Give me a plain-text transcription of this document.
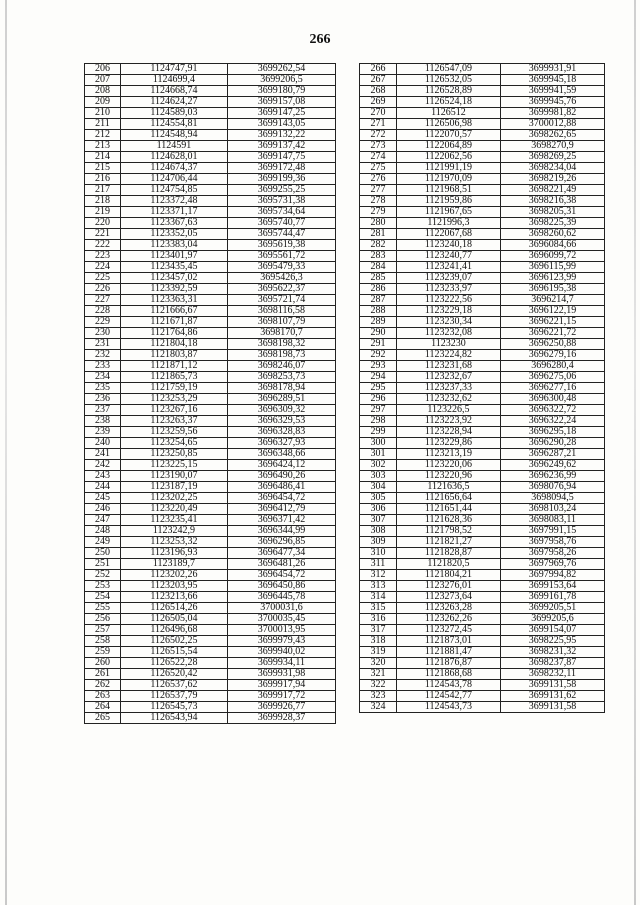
266
206	1124747,91	3699262,54
207	1124699,4	3699206,5
208	1124668,74	3699180,79
209	1124624,27	3699157,08
210	1124589,03	3699147,25
211	1124554,81	3699143,05
212	1124548,94	3699132,22
213	1124591	3699137,42
214	1124628,01	3699147,75
215	1124674,37	3699172,48
216	1124706,44	3699199,36
217	1124754,85	3699255,25
218	1123372,48	3695731,38
219	1123371,17	3695734,64
220	1123367,63	3695740,77
221	1123352,05	3695744,47
222	1123383,04	3695619,38
223	1123401,97	3695561,72
224	1123435,45	3695479,33
225	1123457,02	3695426,3
226	1123392,59	3695622,37
227	1123363,31	3695721,74
228	1121666,67	3698116,58
229	1121671,87	3698107,79
230	1121764,86	3698170,7
231	1121804,18	3698198,32
232	1121803,87	3698198,73
233	1121871,12	3698246,07
234	1121865,73	3698253,73
235	1121759,19	3698178,94
236	1123253,29	3696289,51
237	1123267,16	3696309,32
238	1123263,37	3696329,53
239	1123259,56	3696328,83
240	1123254,65	3696327,93
241	1123250,85	3696348,66
242	1123225,15	3696424,12
243	1123190,07	3696490,26
244	1123187,19	3696486,41
245	1123202,25	3696454,72
246	1123220,49	3696412,79
247	1123235,41	3696371,42
248	1123242,9	3696344,99
249	1123253,32	3696296,85
250	1123196,93	3696477,34
251	1123189,7	3696481,26
252	1123202,26	3696454,72
253	1123203,95	3696450,86
254	1123213,66	3696445,78
255	1126514,26	3700031,6
256	1126505,04	3700035,45
257	1126496,68	3700013,95
258	1126502,25	3699979,43
259	1126515,54	3699940,02
260	1126522,28	3699934,11
261	1126520,42	3699931,98
262	1126537,62	3699917,94
263	1126537,79	3699917,72
264	1126545,73	3699926,77
265	1126543,94	3699928,37
266	1126547,09	3699931,91
267	1126532,05	3699945,18
268	1126528,89	3699941,59
269	1126524,18	3699945,76
270	1126512	3699981,82
271	1126506,98	3700012,88
272	1122070,57	3698262,65
273	1122064,89	3698270,9
274	1122062,56	3698269,25
275	1121991,19	3698234,04
276	1121970,09	3698219,26
277	1121968,51	3698221,49
278	1121959,86	3698216,38
279	1121967,65	3698205,31
280	1121996,3	3698225,39
281	1122067,68	3698260,62
282	1123240,18	3696084,66
283	1123240,77	3696099,72
284	1123241,41	3696115,99
285	1123239,07	3696123,99
286	1123233,97	3696195,38
287	1123222,56	3696214,7
288	1123229,18	3696122,19
289	1123230,34	3696221,15
290	1123232,08	3696221,72
291	1123230	3696250,88
292	1123224,82	3696279,16
293	1123231,68	3696280,4
294	1123232,67	3696275,06
295	1123237,33	3696277,16
296	1123232,62	3696300,48
297	1123226,5	3696322,72
298	1123223,92	3696322,24
299	1123228,94	3696295,18
300	1123229,86	3696290,28
301	1123213,19	3696287,21
302	1123220,06	3696249,62
303	1123220,96	3696236,99
304	1121636,5	3698076,94
305	1121656,64	3698094,5
306	1121651,44	3698103,24
307	1121628,36	3698083,11
308	1121798,52	3697991,15
309	1121821,27	3697958,76
310	1121828,87	3697958,26
311	1121820,5	3697969,76
312	1121804,21	3697994,82
313	1123276,01	3699153,64
314	1123273,64	3699161,78
315	1123263,28	3699205,51
316	1123262,26	3699205,6
317	1123272,45	3699154,07
318	1121873,01	3698225,95
319	1121881,47	3698231,32
320	1121876,87	3698237,87
321	1121868,68	3698232,11
322	1124543,78	3699131,58
323	1124542,77	3699131,62
324	1124543,73	3699131,58
